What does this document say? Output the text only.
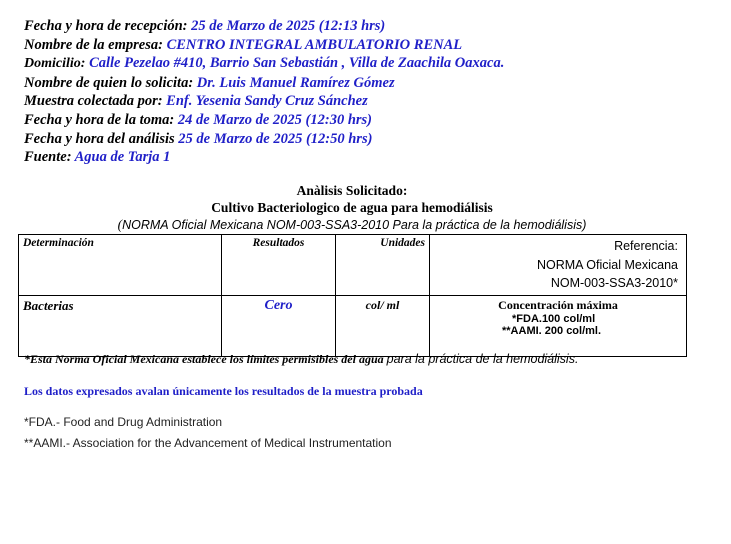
Fecha y hora de recepción: 25 de Marzo de 2025 (12:13 hrs)
Nombre de la empresa: CENTRO INTEGRAL AMBULATORIO RENAL
Domicilio: Calle Pezelao #410, Barrio San Sebastián , Villa de Zaachila Oaxaca.
Nombre de quien lo solicita: Dr. Luis Manuel Ramírez Gómez
Muestra colectada por: Enf. Yesenia Sandy Cruz Sánchez
Fecha y hora de la toma: 24 de Marzo de 2025 (12:30 hrs)
Fecha y hora del análisis 25 de Marzo de 2025 (12:50 hrs)
Fuente: Agua de Tarja 1
Anàlisis Solicitado:
Cultivo Bacteriologico de agua para hemodiálisis
(NORMA Oficial Mexicana NOM-003-SSA3-2010 Para la práctica de la hemodiálisis)
Determinación	Resultados	Unidades	Referencia:
NORMA Oficial Mexicana
NOM-003-SSA3-2010*

Bacterias	Cero	col/ ml	Concentración máxima
*FDA.100 col/ml
**AAMI. 200 col/ml.
*Esta Norma Oficial Mexicana establece los límites permisibles del agua para la práctica de la hemodiálisis.
Los datos expresados avalan únicamente los resultados de la muestra probada
*FDA.- Food and Drug Administration
**AAMI.- Association for the Advancement of Medical Instrumentation
